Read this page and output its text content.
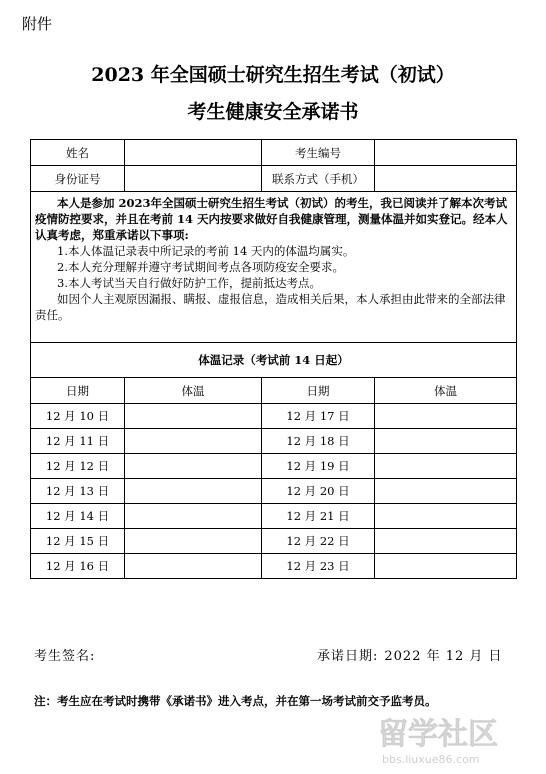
附件
2023 年全国硕士研究生招生考试（初试）
考生健康安全承诺书
姓名		考生编号	
身份证号		联系方式（手机）	

本人是参加 2023年全国硕士研究生招生考试（初试）的考生，我已阅读并了解本次考试疫情防控要求，并且在考前 14 天内按要求做好自我健康管理，测量体温并如实登记。经本人认真考虑，郑重承诺以下事项:

1.本人体温记录表中所记录的考前 14 天内的体温均属实。

2.本人充分理解并遵守考试期间考点各项防疫安全要求。

3.本人考试当天自行做好防护工作，提前抵达考点。

如因个人主观原因漏报、瞒报、虚报信息，造成相关后果，本人承担由此带来的全部法律责任。			

体温记录（考试前 14 日起）			
日期	体温	日期	体温
12 月 10 日		12 月 17 日	
12 月 11 日		12 月 18 日	
12 月 12 日		12 月 19 日	
12 月 13 日		12 月 20 日	
12 月 14 日		12 月 21 日	
12 月 15 日		12 月 22 日	
12 月 16 日		12 月 23 日	
考生签名:	承诺日期: 2022 年 12 月 日
注：考生应在考试时携带《承诺书》进入考点，并在第一场考试前交予监考员。
留学社区
bbs.liuxue86.com
